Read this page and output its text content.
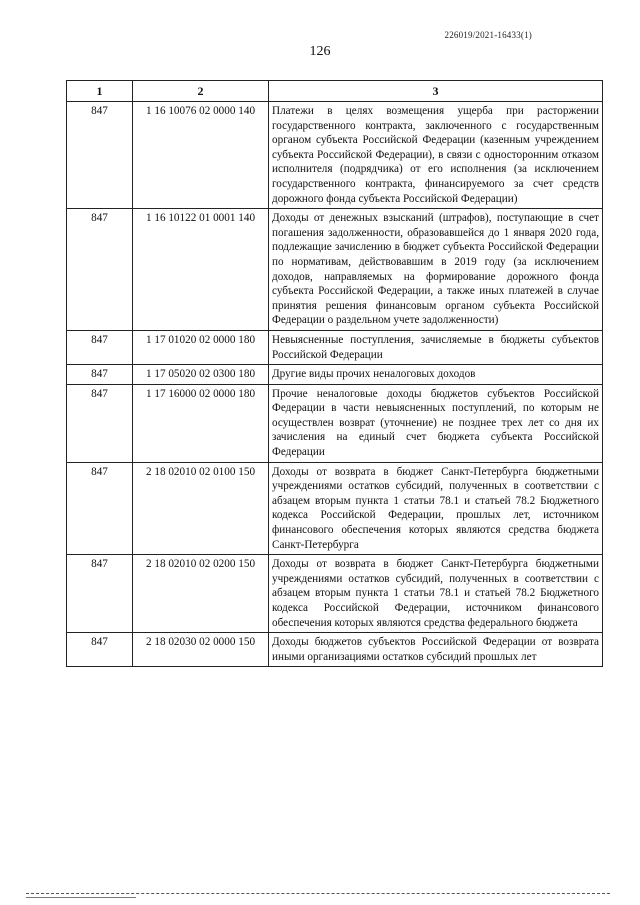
226019/2021-16433(1)
126
1	2	3
847	1 16 10076 02 0000 140	Платежи в целях возмещения ущерба при расторжении государственного контракта, заключенного с государственным органом субъекта Российской Федерации (казенным учреждением субъекта Российской Федерации), в связи с односторонним отказом исполнителя (подрядчика) от его исполнения (за исключением государственного контракта, финансируемого за счет средств дорожного фонда субъекта Российской Федерации)
847	1 16 10122 01 0001 140	Доходы от денежных взысканий (штрафов), поступающие в счет погашения задолженности, образовавшейся до 1 января 2020 года, подлежащие зачислению в бюджет субъекта Российской Федерации по нормативам, действовавшим в 2019 году (за исключением доходов, направляемых на формирование дорожного фонда субъекта Российской Федерации, а также иных платежей в случае принятия решения финансовым органом субъекта Российской Федерации о раздельном учете задолженности)
847	1 17 01020 02 0000 180	Невыясненные поступления, зачисляемые в бюджеты субъектов Российской Федерации
847	1 17 05020 02 0300 180	Другие виды прочих неналоговых доходов
847	1 17 16000 02 0000 180	Прочие неналоговые доходы бюджетов субъектов Российской Федерации в части невыясненных поступлений, по которым не осуществлен возврат (уточнение) не позднее трех лет со дня их зачисления на единый счет бюджета субъекта Российской Федерации
847	2 18 02010 02 0100 150	Доходы от возврата в бюджет Санкт-Петербурга бюджетными учреждениями остатков субсидий, полученных в соответствии с абзацем вторым пункта 1 статьи 78.1 и статьей 78.2 Бюджетного кодекса Российской Федерации, прошлых лет, источником финансового обеспечения которых являются средства бюджета Санкт-Петербурга
847	2 18 02010 02 0200 150	Доходы от возврата в бюджет Санкт-Петербурга бюджетными учреждениями остатков субсидий, полученных в соответствии с абзацем вторым пункта 1 статьи 78.1 и статьей 78.2 Бюджетного кодекса Российской Федерации, источником финансового обеспечения которых являются средства федерального бюджета
847	2 18 02030 02 0000 150	Доходы бюджетов субъектов Российской Федерации от возврата иными организациями остатков субсидий прошлых лет
